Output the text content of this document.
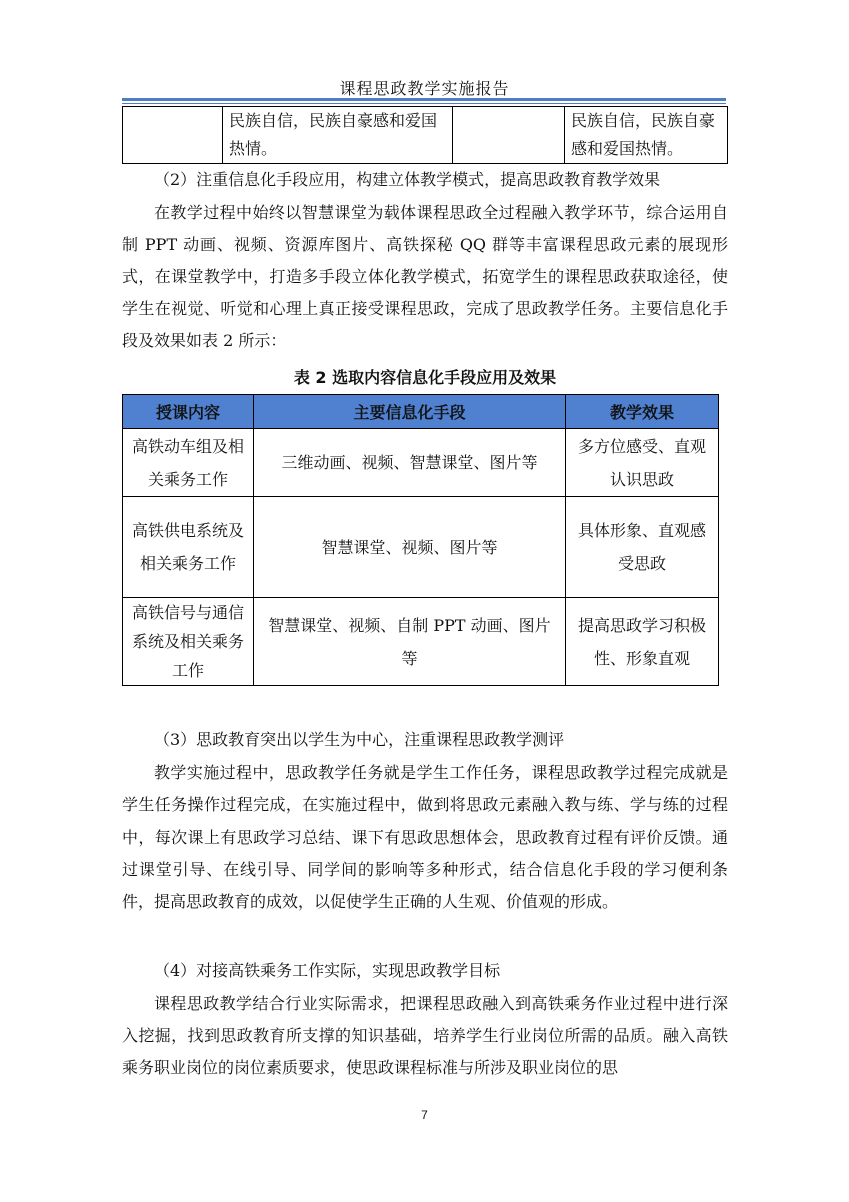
课程思政教学实施报告
	民族自信，民族自豪感和爱国热情。		民族自信，民族自豪感和爱国热情。
（2）注重信息化手段应用，构建立体教学模式，提高思政教育教学效果
在教学过程中始终以智慧课堂为载体课程思政全过程融入教学环节，综合运用自制 PPT 动画、视频、资源库图片、高铁探秘 QQ 群等丰富课程思政元素的展现形式，在课堂教学中，打造多手段立体化教学模式，拓宽学生的课程思政获取途径，使学生在视觉、听觉和心理上真正接受课程思政，完成了思政教学任务。主要信息化手段及效果如表 2 所示：
表 2 选取内容信息化手段应用及效果
授课内容	主要信息化手段	教学效果
高铁动车组及相关乘务工作	三维动画、视频、智慧课堂、图片等	多方位感受、直观认识思政
高铁供电系统及相关乘务工作	智慧课堂、视频、图片等	具体形象、直观感受思政
高铁信号与通信系统及相关乘务工作	智慧课堂、视频、自制 PPT 动画、图片等	提高思政学习积极性、形象直观
（3）思政教育突出以学生为中心，注重课程思政教学测评
教学实施过程中，思政教学任务就是学生工作任务，课程思政教学过程完成就是学生任务操作过程完成，在实施过程中，做到将思政元素融入教与练、学与练的过程中，每次课上有思政学习总结、课下有思政思想体会，思政教育过程有评价反馈。通过课堂引导、在线引导、同学间的影响等多种形式，结合信息化手段的学习便利条件，提高思政教育的成效，以促使学生正确的人生观、价值观的形成。
（4）对接高铁乘务工作实际，实现思政教学目标
课程思政教学结合行业实际需求，把课程思政融入到高铁乘务作业过程中进行深入挖掘，找到思政教育所支撑的知识基础，培养学生行业岗位所需的品质。融入高铁乘务职业岗位的岗位素质要求，使思政课程标准与所涉及职业岗位的思
7
